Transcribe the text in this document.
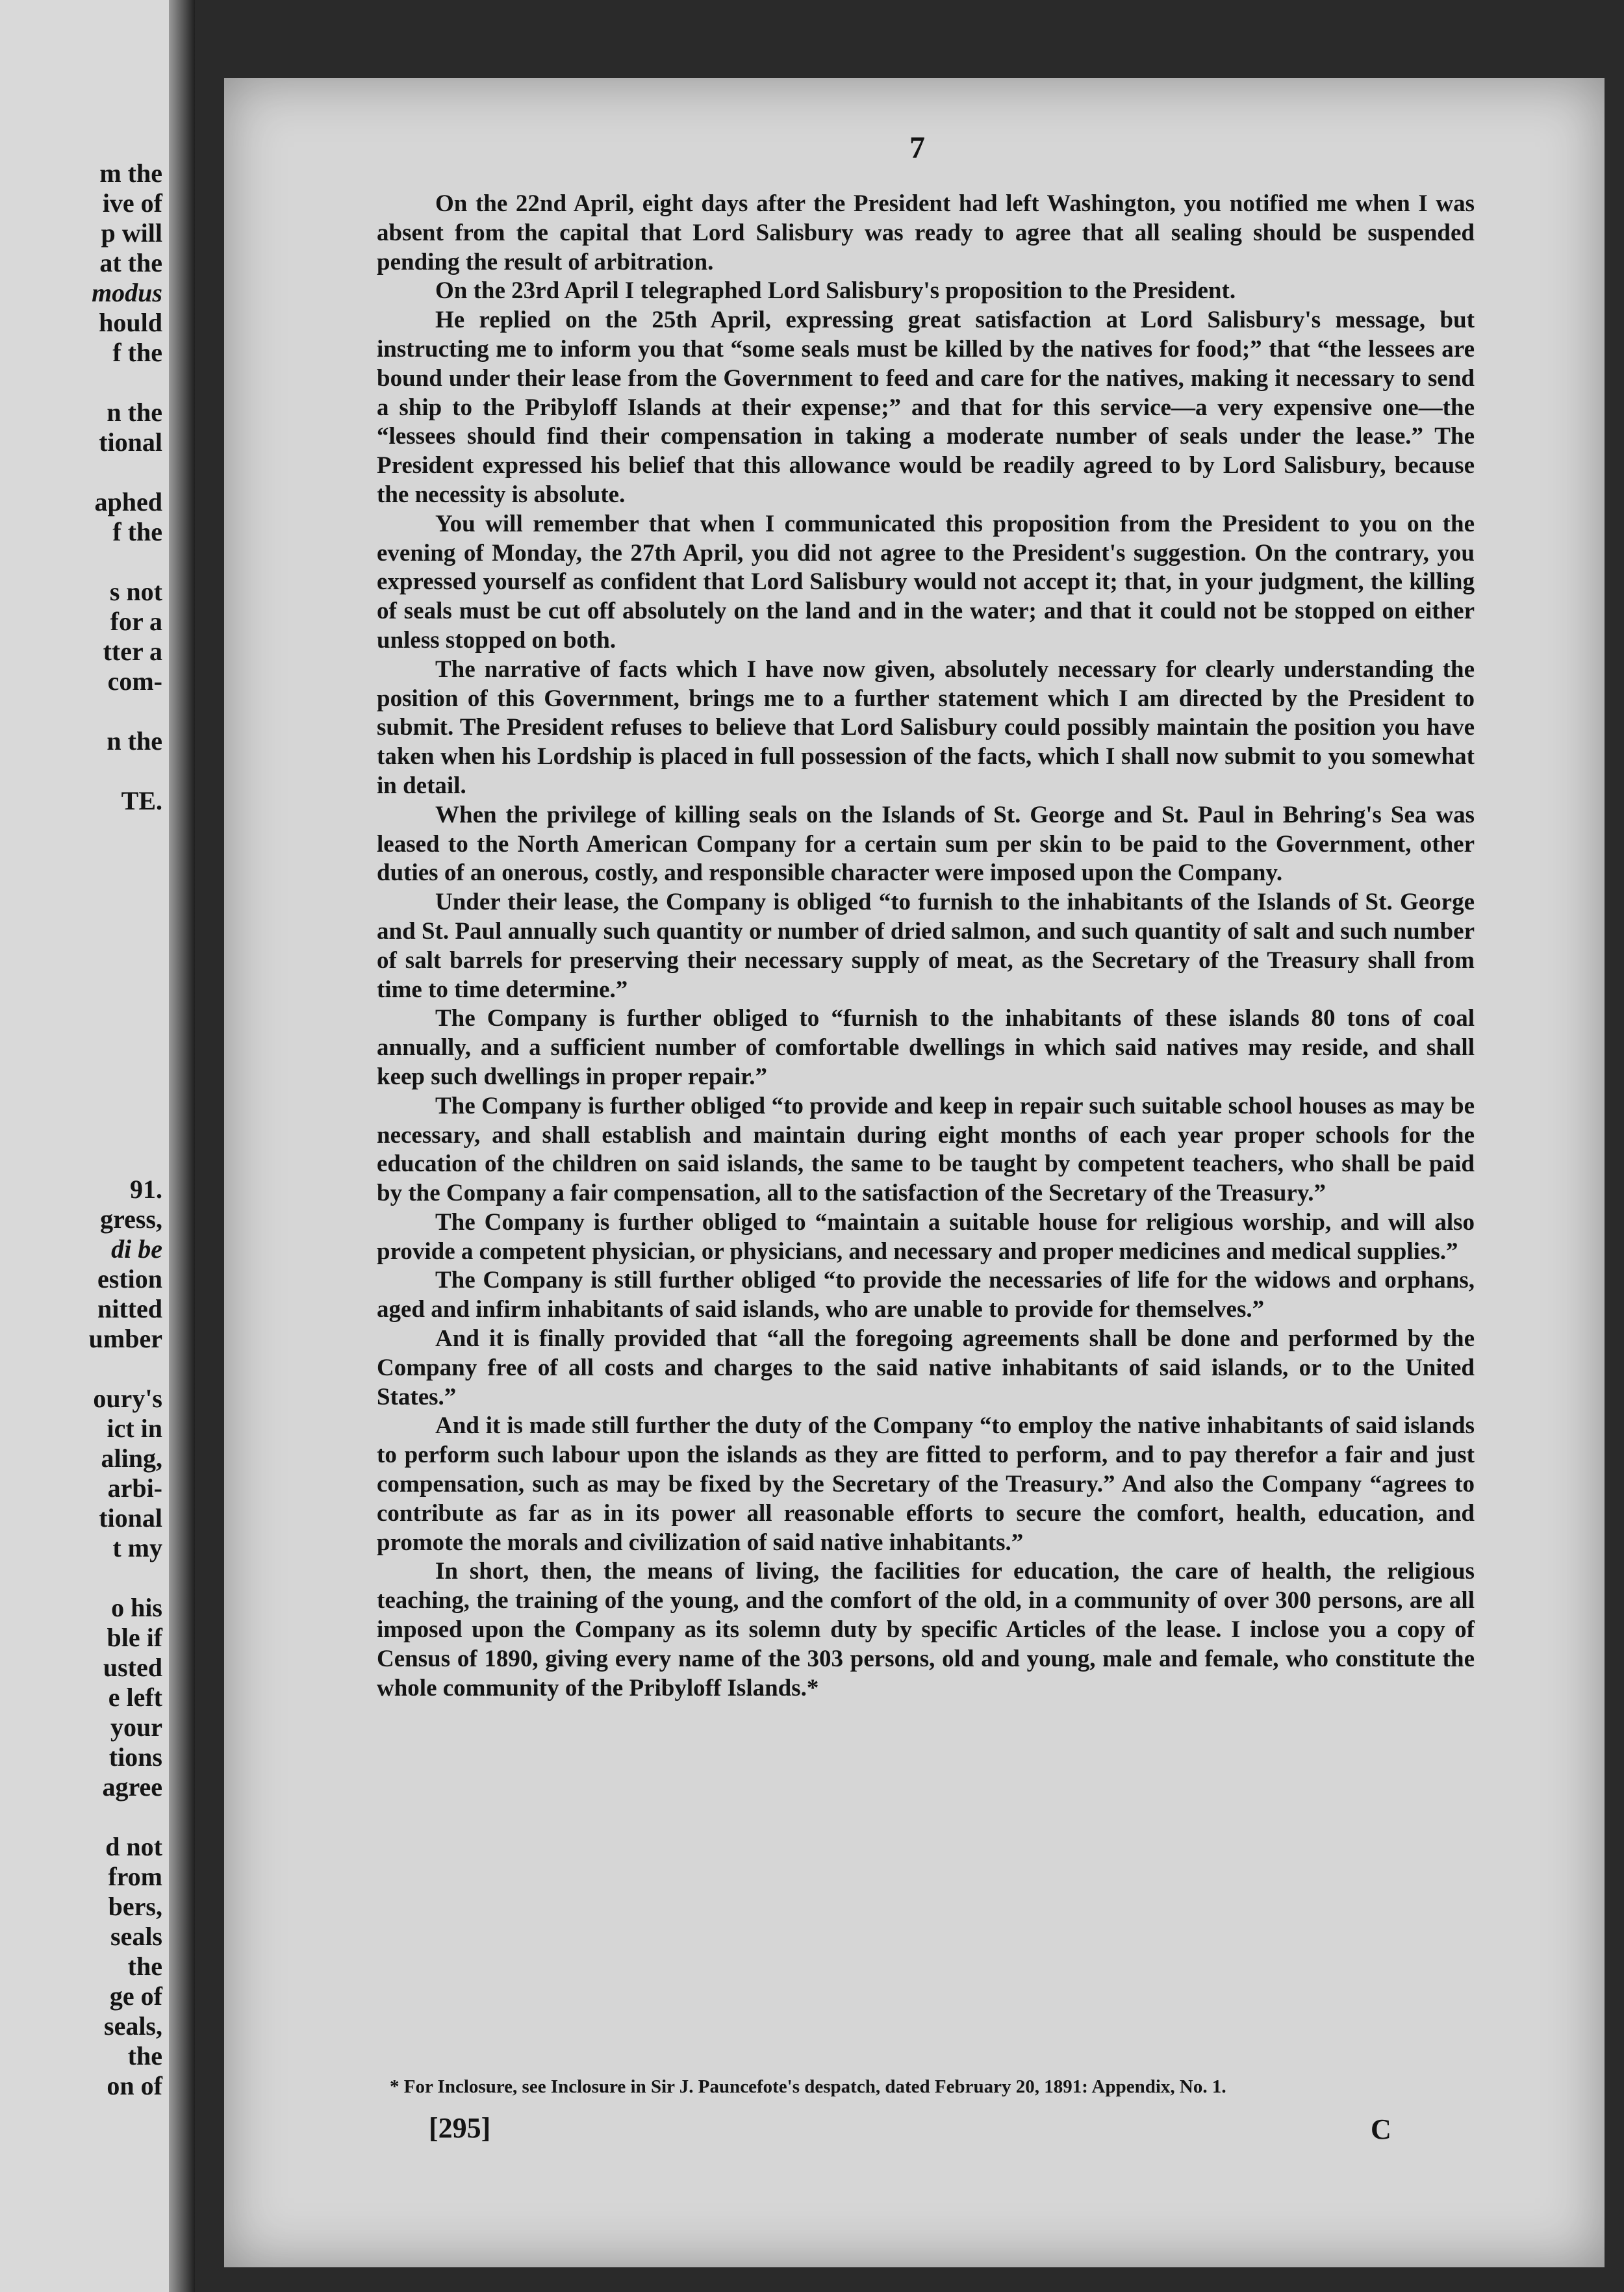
m the
ive of
p will
at the
modus
hould
f the
n the
tional
aphed
f the
s not
for a
tter a
com-
n the
TE.
91.
gress,
di be
estion
nitted
umber
oury's
ict in
aling,
arbi-
tional
t my
o his
ble if
usted
e left
your
tions
agree
d not
from
bers,
seals
the
ge of
seals,
the
on of
7

On the 22nd April, eight days after the President had left Washington, you notified me when I was absent from the capital that Lord Salisbury was ready to agree that all sealing should be suspended pending the result of arbitration.

On the 23rd April I telegraphed Lord Salisbury's proposition to the President.

He replied on the 25th April, expressing great satisfaction at Lord Salisbury's message, but instructing me to inform you that “some seals must be killed by the natives for food;” that “the lessees are bound under their lease from the Government to feed and care for the natives, making it necessary to send a ship to the Pribyloff Islands at their expense;” and that for this service—a very expensive one—the “lessees should find their compensation in taking a moderate number of seals under the lease.” The President expressed his belief that this allowance would be readily agreed to by Lord Salisbury, because the necessity is absolute.

You will remember that when I communicated this proposition from the President to you on the evening of Monday, the 27th April, you did not agree to the President's suggestion. On the contrary, you expressed yourself as confident that Lord Salisbury would not accept it; that, in your judgment, the killing of seals must be cut off absolutely on the land and in the water; and that it could not be stopped on either unless stopped on both.

The narrative of facts which I have now given, absolutely necessary for clearly understanding the position of this Government, brings me to a further statement which I am directed by the President to submit. The President refuses to believe that Lord Salisbury could possibly maintain the position you have taken when his Lordship is placed in full possession of the facts, which I shall now submit to you somewhat in detail.

When the privilege of killing seals on the Islands of St. George and St. Paul in Behring's Sea was leased to the North American Company for a certain sum per skin to be paid to the Government, other duties of an onerous, costly, and responsible character were imposed upon the Company.

Under their lease, the Company is obliged “to furnish to the inhabitants of the Islands of St. George and St. Paul annually such quantity or number of dried salmon, and such quantity of salt and such number of salt barrels for preserving their necessary supply of meat, as the Secretary of the Treasury shall from time to time determine.”

The Company is further obliged to “furnish to the inhabitants of these islands 80 tons of coal annually, and a sufficient number of comfortable dwellings in which said natives may reside, and shall keep such dwellings in proper repair.”

The Company is further obliged “to provide and keep in repair such suitable school houses as may be necessary, and shall establish and maintain during eight months of each year proper schools for the education of the children on said islands, the same to be taught by competent teachers, who shall be paid by the Company a fair compensation, all to the satisfaction of the Secretary of the Treasury.”

The Company is further obliged to “maintain a suitable house for religious worship, and will also provide a competent physician, or physicians, and necessary and proper medicines and medical supplies.”

The Company is still further obliged “to provide the necessaries of life for the widows and orphans, aged and infirm inhabitants of said islands, who are unable to provide for themselves.”

And it is finally provided that “all the foregoing agreements shall be done and performed by the Company free of all costs and charges to the said native inhabitants of said islands, or to the United States.”

And it is made still further the duty of the Company “to employ the native inhabitants of said islands to perform such labour upon the islands as they are fitted to perform, and to pay therefor a fair and just compensation, such as may be fixed by the Secretary of the Treasury.” And also the Company “agrees to contribute as far as in its power all reasonable efforts to secure the comfort, health, education, and promote the morals and civilization of said native inhabitants.”

In short, then, the means of living, the facilities for education, the care of health, the religious teaching, the training of the young, and the comfort of the old, in a community of over 300 persons, are all imposed upon the Company as its solemn duty by specific Articles of the lease. I inclose you a copy of Census of 1890, giving every name of the 303 persons, old and young, male and female, who constitute the whole community of the Pribyloff Islands.*

* For Inclosure, see Inclosure in Sir J. Pauncefote's despatch, dated February 20, 1891: Appendix, No. 1.
[295]	C
